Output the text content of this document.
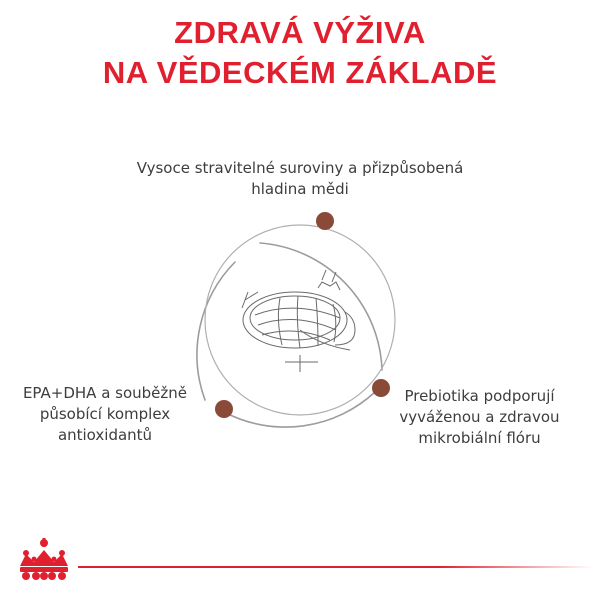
ZDRAVÁ VÝŽIVA
NA VĚDECKÉM ZÁKLADĚ
Vysoce stravitelné suroviny a přizpůsobená hladina mědi
EPA+DHA a souběžně působící komplex antioxidantů
Prebiotika podporují vyváženou a zdravou mikrobiální flóru
